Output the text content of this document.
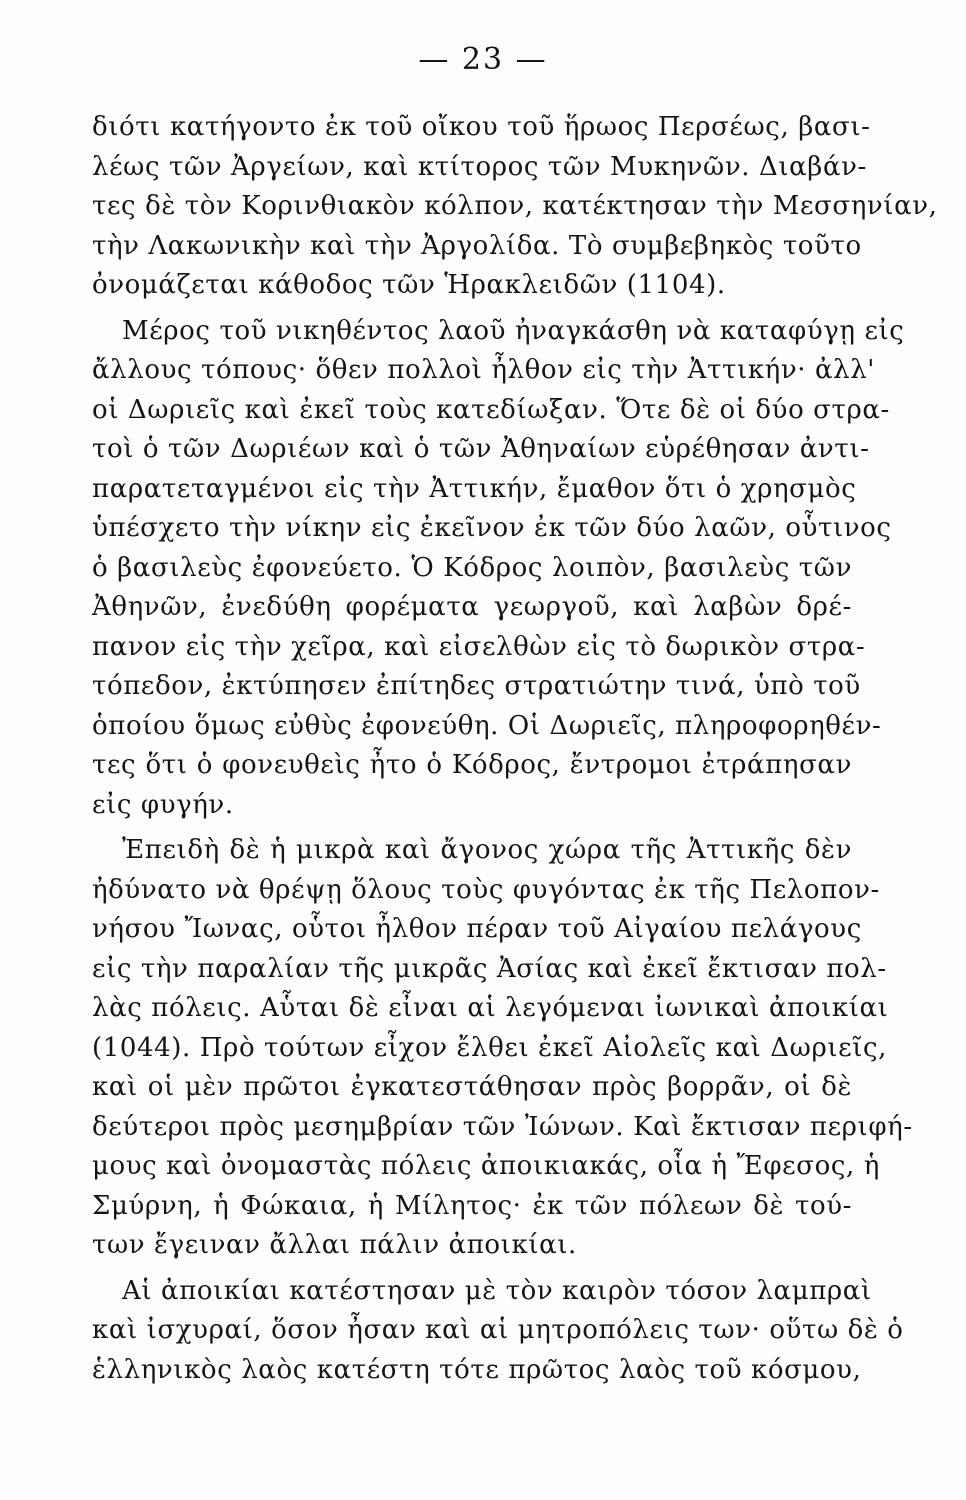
— 23 —
διότι κατήγοντο ἐκ τοῦ οἴκου τοῦ ἥρωος Περσέως, βασι-
λέως τῶν Ἀργείων, καὶ κτίτορος τῶν Μυκηνῶν. Διαβάν-
τες δὲ τὸν Κορινθιακὸν κόλπον, κατέκτησαν τὴν Μεσσηνίαν,
τὴν Λακωνικὴν καὶ τὴν Ἀργολίδα. Τὸ συμβεβηκὸς τοῦτο
ὀνομάζεται κάθοδος τῶν Ἡρακλειδῶν (1104).
Μέρος τοῦ νικηθέντος λαοῦ ἠναγκάσθη νὰ καταφύγῃ εἰς
ἄλλους τόπους· ὅθεν πολλοὶ ἦλθον εἰς τὴν Ἀττικήν· ἀλλ'
οἱ Δωριεῖς καὶ ἐκεῖ τοὺς κατεδίωξαν. Ὅτε δὲ οἱ δύο στρα-
τοὶ ὁ τῶν Δωριέων καὶ ὁ τῶν Ἀθηναίων εὑρέθησαν ἀντι-
παρατεταγμένοι εἰς τὴν Ἀττικήν, ἔμαθον ὅτι ὁ χρησμὸς
ὑπέσχετο τὴν νίκην εἰς ἐκεῖνον ἐκ τῶν δύο λαῶν, οὗτινος
ὁ βασιλεὺς ἐφονεύετο. Ὁ Κόδρος λοιπὸν, βασιλεὺς τῶν
Ἀθηνῶν, ἐνεδύθη φορέματα γεωργοῦ, καὶ λαβὼν δρέ-
πανον εἰς τὴν χεῖρα, καὶ εἰσελθὼν εἰς τὸ δωρικὸν στρα-
τόπεδον, ἐκτύπησεν ἐπίτηδες στρατιώτην τινά, ὑπὸ τοῦ
ὁποίου ὅμως εὐθὺς ἐφονεύθη. Οἱ Δωριεῖς, πληροφορηθέν-
τες ὅτι ὁ φονευθεὶς ἦτο ὁ Κόδρος, ἔντρομοι ἐτράπησαν
εἰς φυγήν.
Ἐπειδὴ δὲ ἡ μικρὰ καὶ ἄγονος χώρα τῆς Ἀττικῆς δὲν
ἠδύνατο νὰ θρέψῃ ὅλους τοὺς φυγόντας ἐκ τῆς Πελοπον-
νήσου Ἴωνας, οὗτοι ἦλθον πέραν τοῦ Αἰγαίου πελάγους
εἰς τὴν παραλίαν τῆς μικρᾶς Ἀσίας καὶ ἐκεῖ ἔκτισαν πολ-
λὰς πόλεις. Αὗται δὲ εἶναι αἱ λεγόμεναι ἰωνικαὶ ἀποικίαι
(1044). Πρὸ τούτων εἶχον ἔλθει ἐκεῖ Αἰολεῖς καὶ Δωριεῖς,
καὶ οἱ μὲν πρῶτοι ἐγκατεστάθησαν πρὸς βορρᾶν, οἱ δὲ
δεύτεροι πρὸς μεσημβρίαν τῶν Ἰώνων. Καὶ ἔκτισαν περιφή-
μους καὶ ὀνομαστὰς πόλεις ἀποικιακάς, οἷα ἡ Ἔφεσος, ἡ
Σμύρνη, ἡ Φώκαια, ἡ Μίλητος· ἐκ τῶν πόλεων δὲ τού-
των ἔγειναν ἄλλαι πάλιν ἀποικίαι.
Αἱ ἀποικίαι κατέστησαν μὲ τὸν καιρὸν τόσον λαμπραὶ
καὶ ἰσχυραί, ὅσον ἦσαν καὶ αἱ μητροπόλεις των· οὕτω δὲ ὁ
ἑλληνικὸς λαὸς κατέστη τότε πρῶτος λαὸς τοῦ κόσμου,
